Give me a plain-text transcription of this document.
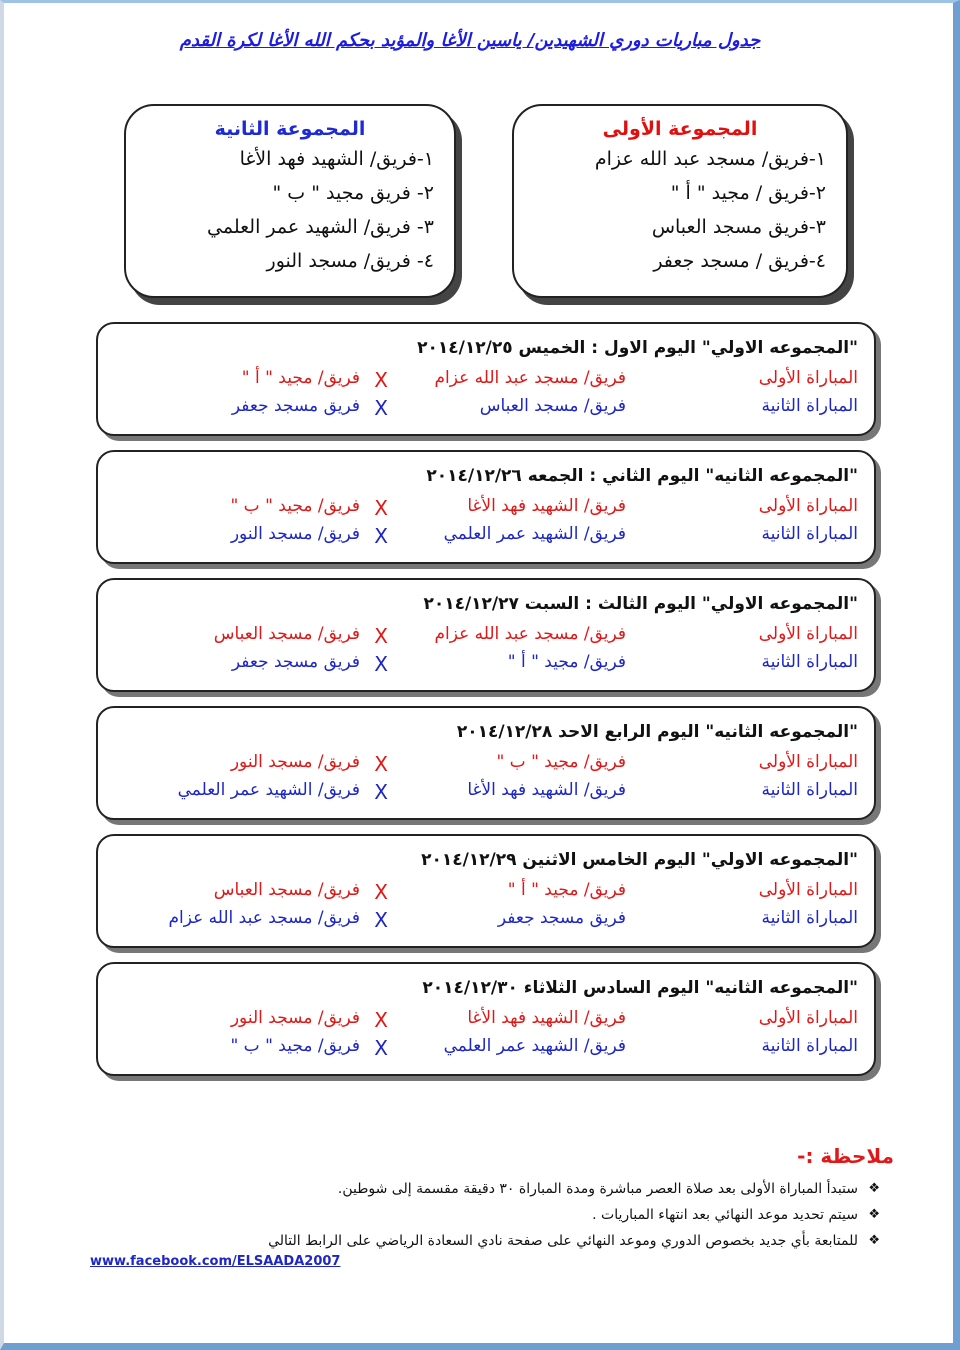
جدول مباريات دوري الشهيدين/ ياسين الأغا والمؤيد بحكم الله الأغا لكرة القدم
المجموعة الأولى
١-فريق/ مسجد عبد الله عزام
٢-فريق / مجيد " أ "
٣-فريق مسجد العباس
٤-فريق / مسجد جعفر
المجموعة الثانية
١-فريق/ الشهيد فهد الأغا
٢- فريق مجيد " ب "
٣- فريق/ الشهيد عمر العلمي
٤- فريق/ مسجد النور
"المجموعه الاولي" اليوم الاول : الخميس ٢٠١٤/١٢/٢٥
المباراة الأولى
فريق/ مسجد عبد الله عزام
X
فريق/ مجيد " أ "
المباراة الثانية
فريق/ مسجد العباس
X
فريق مسجد جعفر
"المجموعه الثانيه" اليوم الثاني : الجمعه ٢٠١٤/١٢/٢٦
المباراة الأولى
فريق/ الشهيد فهد الأغا
X
فريق/ مجيد " ب "
المباراة الثانية
فريق/ الشهيد عمر العلمي
X
فريق/ مسجد النور
"المجموعه الاولي" اليوم الثالث : السبت ٢٠١٤/١٢/٢٧
المباراة الأولى
فريق/ مسجد عبد الله عزام
X
فريق/ مسجد العباس
المباراة الثانية
فريق/ مجيد " أ "
X
فريق مسجد جعفر
"المجموعه الثانيه" اليوم الرابع الاحد ٢٠١٤/١٢/٢٨
المباراة الأولى
فريق/ مجيد " ب "
X
فريق/ مسجد النور
المباراة الثانية
فريق/ الشهيد فهد الأغا
X
فريق/ الشهيد عمر العلمي
"المجموعه الاولي" اليوم الخامس الاثنين ٢٠١٤/١٢/٢٩
المباراة الأولى
فريق/ مجيد " أ "
X
فريق/ مسجد العباس
المباراة الثانية
فريق مسجد جعفر
X
فريق/ مسجد عبد الله عزام
"المجموعه الثانيه" اليوم السادس الثلاثاء ٢٠١٤/١٢/٣٠
المباراة الأولى
فريق/ الشهيد فهد الأغا
X
فريق/ مسجد النور
المباراة الثانية
فريق/ الشهيد عمر العلمي
X
فريق/ مجيد " ب "
ملاحظة :-
❖
ستبدأ المباراة الأولى بعد صلاة العصر مباشرة ومدة المباراة ٣٠ دقيقة مقسمة إلى شوطين.
❖
سيتم تحديد موعد النهائي بعد انتهاء المباريات .
❖
للمتابعة بأي جديد بخصوص الدوري وموعد النهائي على صفحة نادي السعادة الرياضي على الرابط التالي
www.facebook.com/ELSAADA2007
